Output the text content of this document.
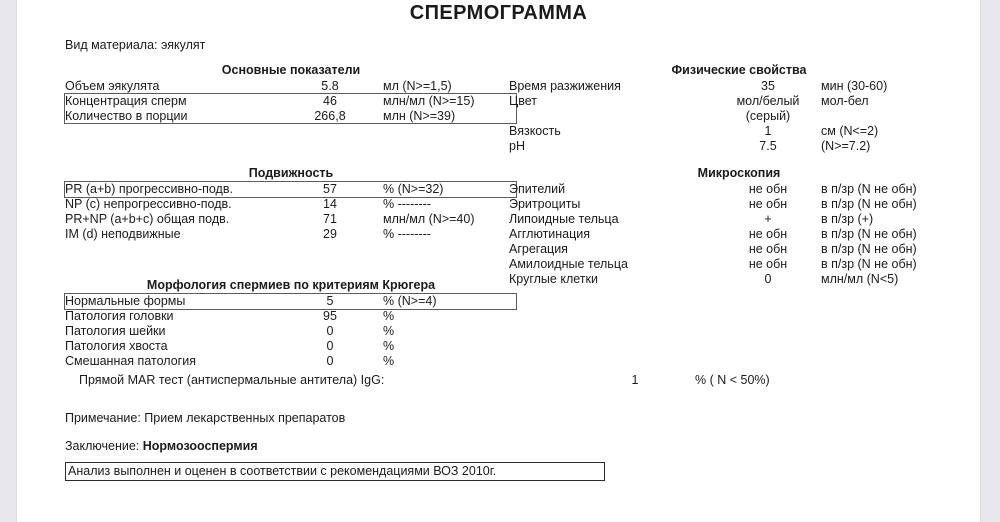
СПЕРМОГРАММА
Вид материала: эякулят
Основные показатели
Объем эякулята	5.8	мл (N>=1,5)
Концентрация сперм	46	млн/мл (N>=15)
Количество в порции	266,8	млн (N>=39)
Физические свойства
Время разжижения	35	мин (30-60)
Цвет	мол/белый	мол-бел
(серый)
Вязкость	1	см (N<=2)
pH	7.5	(N>=7.2)
Подвижность
PR (a+b) прогрессивно-подв.	57	% (N>=32)
NP (c) непрогрессивно-подв.	14	% --------
PR+NP (a+b+c) общая подв.	71	млн/мл (N>=40)
IM (d) неподвижные	29	% --------
Микроскопия
Эпителий	не обн	в п/зр (N не обн)
Эритроциты	не обн	в п/зр (N не обн)
Липоидные тельца	+	в п/зр (+)
Агглютинация	не обн	в п/зр (N не обн)
Агрегация	не обн	в п/зр (N не обн)
Амилоидные тельца	не обн	в п/зр (N не обн)
Круглые клетки	0	млн/мл (N<5)
Морфология спермиев по критериям Крюгера
Нормальные формы	5	% (N>=4)
Патология головки	95	%
Патология шейки	0	%
Патология хвоста	0	%
Смешанная патология	0	%
Прямой MAR тест (антиспермальные антитела) IgG:	1	% ( N < 50%)
Примечание: Прием лекарственных препаратов
Заключение: Нормозооспермия
Анализ выполнен и оценен в соответствии с рекомендациями ВОЗ 2010г.
